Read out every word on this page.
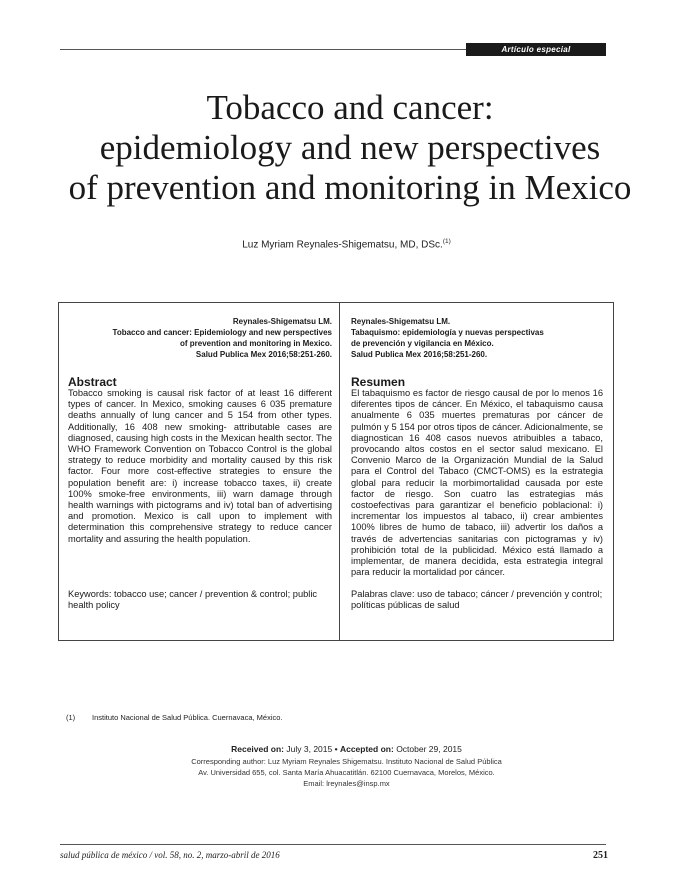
Artículo especial
Tobacco and cancer:
epidemiology and new perspectives
of prevention and monitoring in Mexico
Luz Myriam Reynales-Shigematsu, MD, DSc.$^{(1)}$
Reynales-Shigematsu LM.
Tobacco and cancer: Epidemiology and new perspectives
of prevention and monitoring in Mexico.
Salud Publica Mex 2016;58:251-260.
Reynales-Shigematsu LM.
Tabaquismo: epidemiología y nuevas perspectivas
de prevención y vigilancia en México.
Salud Publica Mex 2016;58:251-260.
Abstract

Tobacco smoking is causal risk factor of at least 16 different types of cancer. In Mexico, smoking causes 6 035 premature deaths annually of lung cancer and 5 154 from other types. Additionally, 16 408 new smoking- attributable cases are diagnosed, causing high costs in the Mexican health sector. The WHO Framework Convention on Tobacco Control is the global strategy to reduce morbidity and mortality caused by this risk factor. Four more cost-effective strategies to ensure the population benefit are: i) increase tobacco taxes, ii) create 100% smoke-free environments, iii) warn damage through health warnings with pictograms and iv) total ban of advertising and promotion. Mexico is call upon to implement with determination this comprehensive strategy to reduce cancer mortality and assuring the health population.

Keywords: tobacco use; cancer / prevention & control; public health policy

Resumen

El tabaquismo es factor de riesgo causal de por lo menos 16 diferentes tipos de cáncer. En México, el tabaquismo causa anualmente 6 035 muertes prematuras por cáncer de pulmón y 5 154 por otros tipos de cáncer. Adicionalmente, se diagnostican 16 408 casos nuevos atribuibles a tabaco, provocando altos costos en el sector salud mexicano. El Convenio Marco de la Organización Mundial de la Salud para el Control del Tabaco (CMCT-OMS) es la estrategia global para reducir la morbimortalidad causada por este factor de riesgo. Son cuatro las estrategias más costoefectivas para garantizar el beneficio poblacional: i) incrementar los impuestos al tabaco, ii) crear ambientes 100% libres de humo de tabaco, iii) advertir los daños a través de advertencias sanitarias con pictogramas y iv) prohibición total de la publicidad. México está llamado a implementar, de manera decidida, esta estrategia integral para reducir la mortalidad por cáncer.

Palabras clave: uso de tabaco; cáncer / prevención y control; políticas públicas de salud

(1) Instituto Nacional de Salud Pública. Cuernavaca, México.
Received on: July 3, 2015 • Accepted on: October 29, 2015
Corresponding author: Luz Myriam Reynales Shigematsu. Instituto Nacional de Salud Pública
Av. Universidad 655, col. Santa María Ahuacatitlán. 62100 Cuernavaca, Morelos, México.
Email: lreynales@insp.mx
salud pública de méxico / vol. 58, no. 2, marzo-abril de 2016	251
